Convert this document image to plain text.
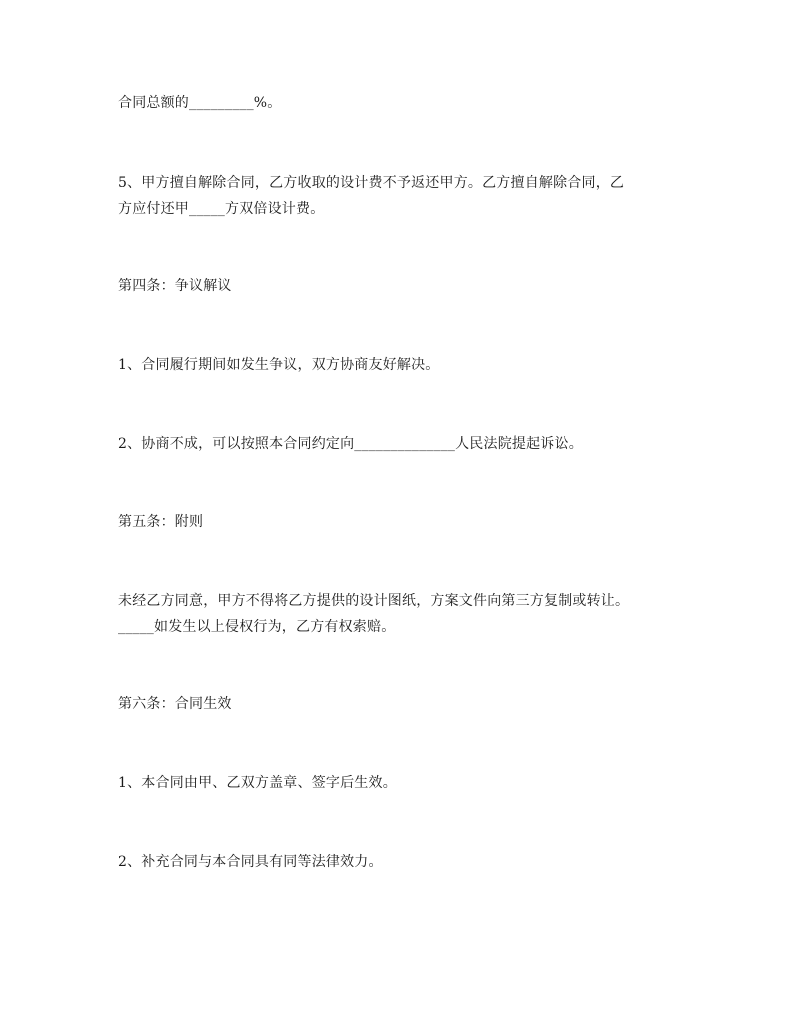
合同总额的_________%。
5、甲方擅自解除合同，乙方收取的设计费不予返还甲方。乙方擅自解除合同，乙
方应付还甲_____方双倍设计费。
第四条：争议解议
1、合同履行期间如发生争议，双方协商友好解决。
2、协商不成，可以按照本合同约定向______________人民法院提起诉讼。
第五条：附则
未经乙方同意，甲方不得将乙方提供的设计图纸，方案文件向第三方复制或转让。
_____如发生以上侵权行为，乙方有权索赔。
第六条：合同生效
1、本合同由甲、乙双方盖章、签字后生效。
2、补充合同与本合同具有同等法律效力。
